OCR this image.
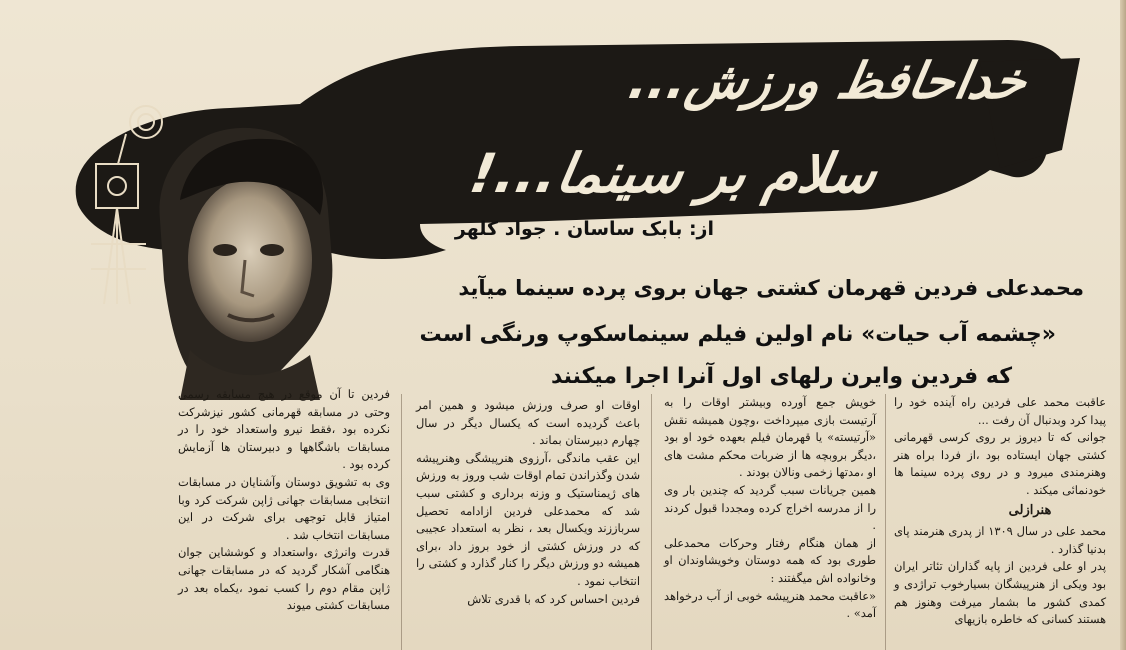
خداحافظ ورزش...
سلام بر سینما...!
از: بابک ساسان . جواد کلهر
محمدعلی فردین قهرمان کشتی جهان بروی پرده سینما میآید
«چشمه آب حیات» نام اولین فیلم سینماسکوپ ورنگی است
که فردین وایرن رلهای اول آنرا اجرا میکنند

عاقبت محمد علی فردین راه آینده خود را پیدا کرد وبدنبال آن رفت ...

جوانی که تا دیروز بر روی کرسی قهرمانی کشتی جهان ایستاده بود ،از فردا براه هنر وهنرمندی میرود و در روی پرده سینما ها خودنمائی میکند .

هنرازلی

محمد علی در سال ۱۳۰۹ از پدری هنرمند پای بدنیا گذارد .

پدر او علی فردین از پایه گذاران تئاتر ایران بود ویکی از هنرپیشگان بسیارخوب تراژدی و کمدی کشور ما بشمار میرفت وهنوز هم هستند کسانی که خاطره بازیهای

خویش جمع آورده وبیشتر اوقات را به آرتیست بازی میپرداخت ،وچون همیشه نقش «آرتیسته» یا قهرمان فیلم بعهده خود او بود ،دیگر بروبچه ها از ضربات محکم مشت های او ،مدتها زخمی ونالان بودند .

همین جریانات سبب گردید که چندین بار وی را از مدرسه اخراج کرده ومجددا قبول کردند .

از همان هنگام رفتار وحرکات محمدعلی طوری بود که همه دوستان وخویشاوندان او وخانواده اش میگفتند :

«عاقبت محمد هنرپیشه خوبی از آب درخواهد آمد» .

اوقات او صرف ورزش میشود و همین امر باعث گردیده است که یکسال دیگر در سال چهارم دبیرستان بماند .

این عقب ماندگی ،آرزوی هنرپیشگی وهنرپیشه شدن وگذراندن تمام اوقات شب وروز به ورزش های ژیمناستیک و وزنه برداری و کشتی سبب شد که محمدعلی فردین ازادامه تحصیل سرباززند ویکسال بعد ، نظر به استعداد عجیبی که در ورزش کشتی از خود بروز داد ،برای همیشه دو ورزش دیگر را کنار گذارد و کشتی را انتخاب نمود .

فردین احساس کرد که با قدری تلاش

فردین تا آن موقع در هیچ مسابقه رسمی وحتی در مسابقه قهرمانی کشور نیزشرکت نکرده بود ،فقط نیرو واستعداد خود را در مسابقات باشگاهها و دبیرستان ها آزمایش کرده بود .

وی به تشویق دوستان وآشنایان در مسابقات انتخابی مسابقات جهانی ژاپن شرکت کرد وبا امتیاز قابل توجهی برای شرکت در این مسابقات انتخاب شد .

قدرت وانرژی ،واستعداد و کوششاین جوان هنگامی آشکار گردید که در مسابقات جهانی ژاپن مقام دوم را کسب نمود ،یکماه بعد در مسابقات کشتی میوند
